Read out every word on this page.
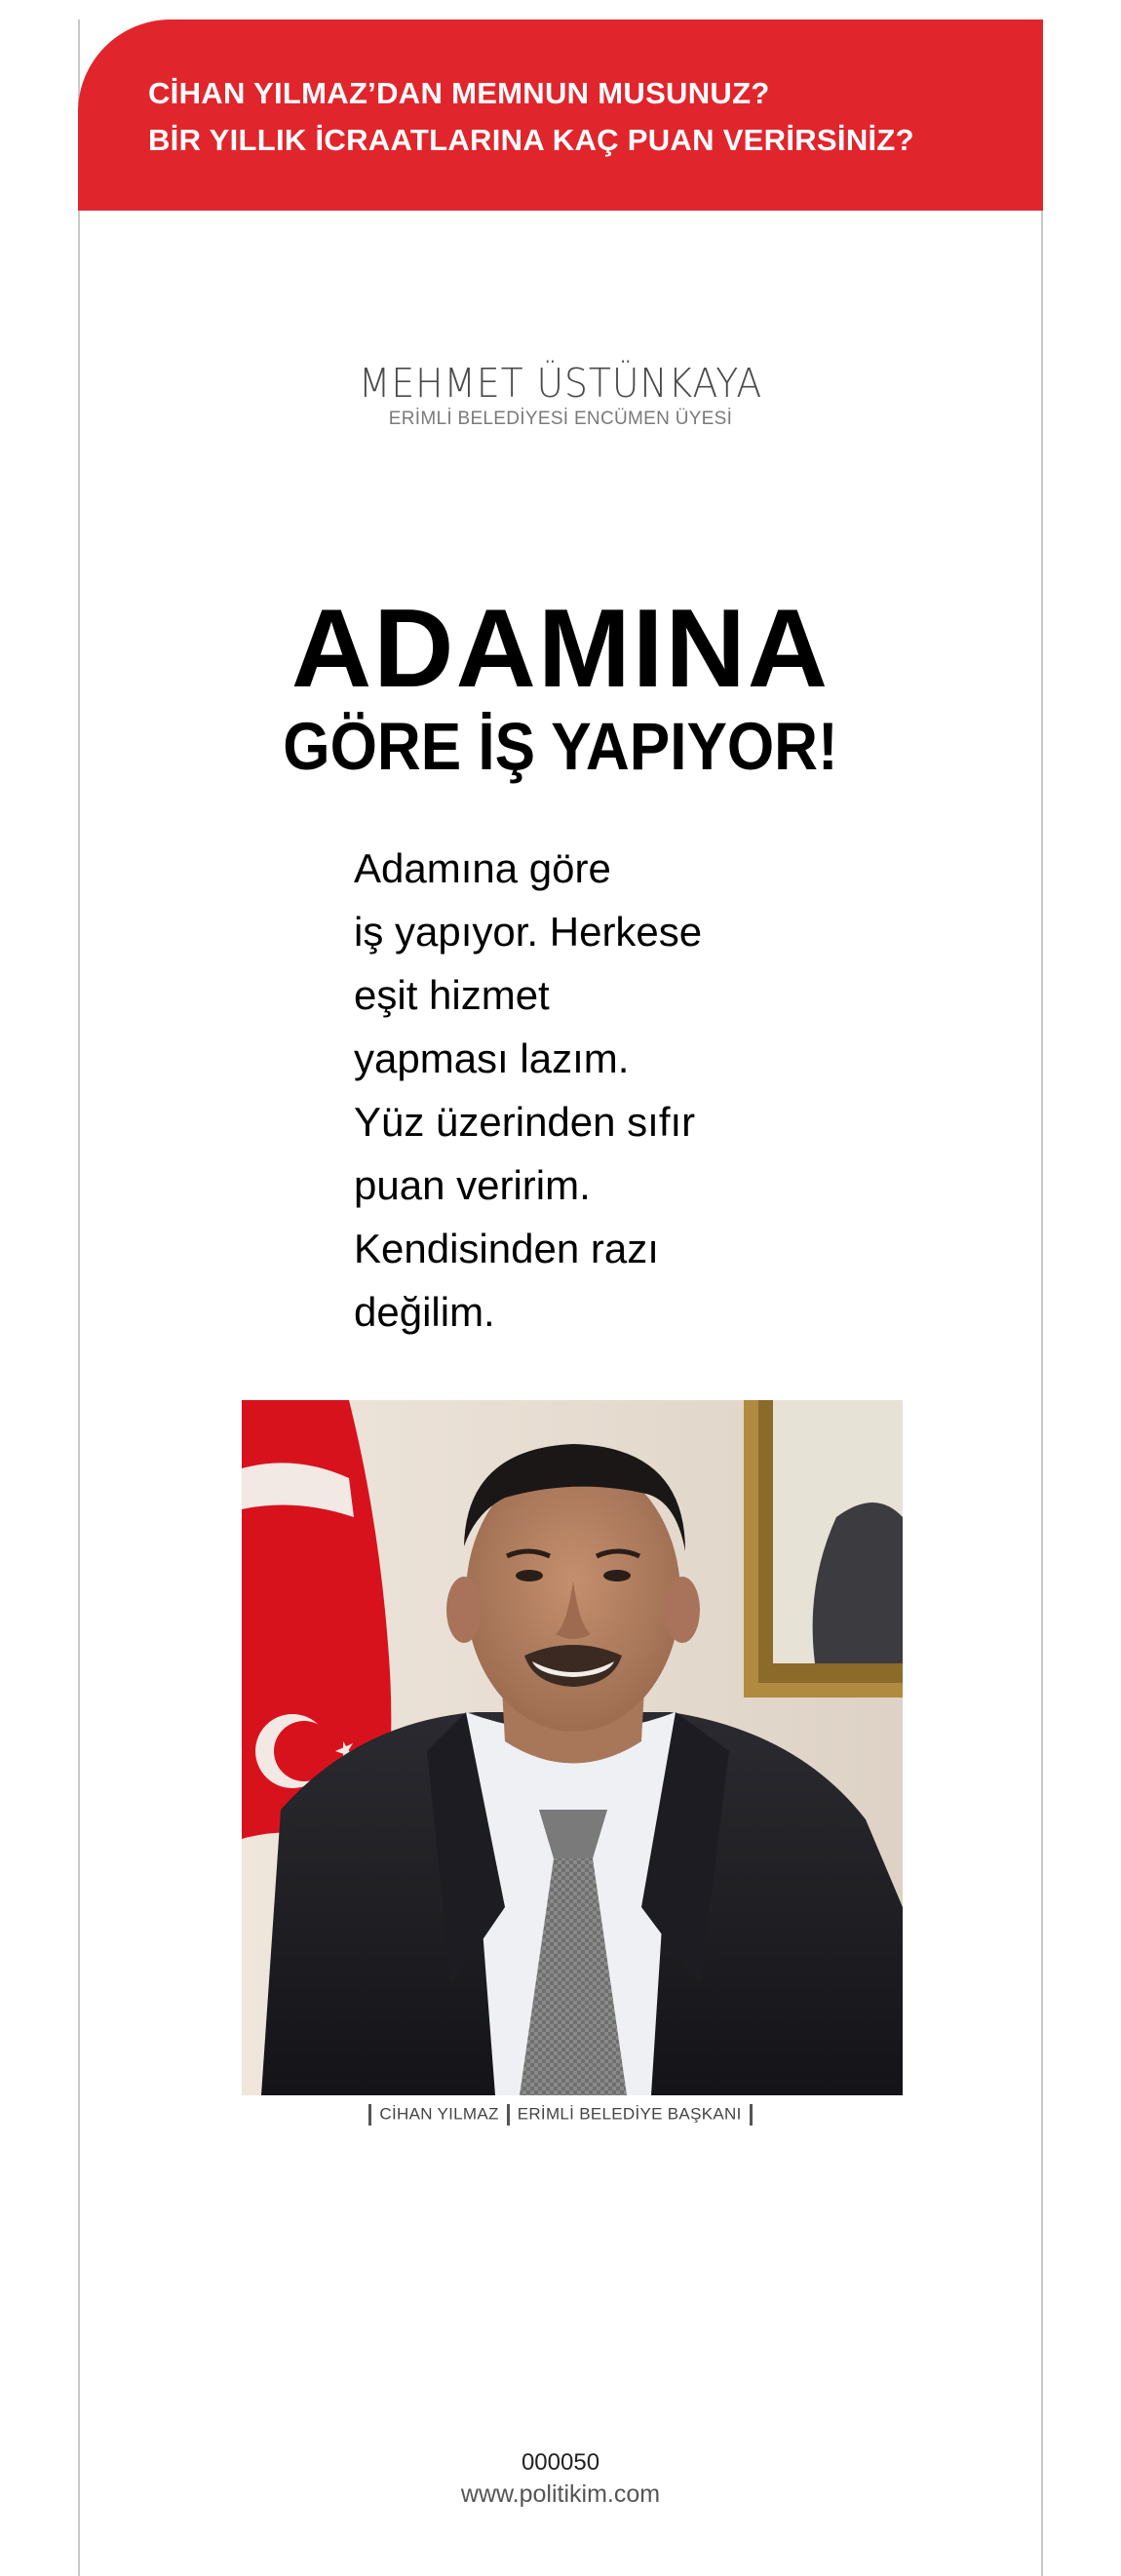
CİHAN YILMAZ’DAN MEMNUN MUSUNUZ?
BİR YILLIK İCRAATLARINA KAÇ PUAN VERİRSİNİZ?
MEHMET ÜSTÜNKAYA
ERİMLİ BELEDİYESİ ENCÜMEN ÜYESİ
ADAMINA
GÖRE İŞ YAPIYOR!
Adamına göre
iş yapıyor. Herkese
eşit hizmet
yapması lazım.
Yüz üzerinden sıfır
puan veririm.
Kendisinden razı
değilim.
CİHAN YILMAZ ERİMLİ BELEDİYE BAŞKANI
000050
www.politikim.com
